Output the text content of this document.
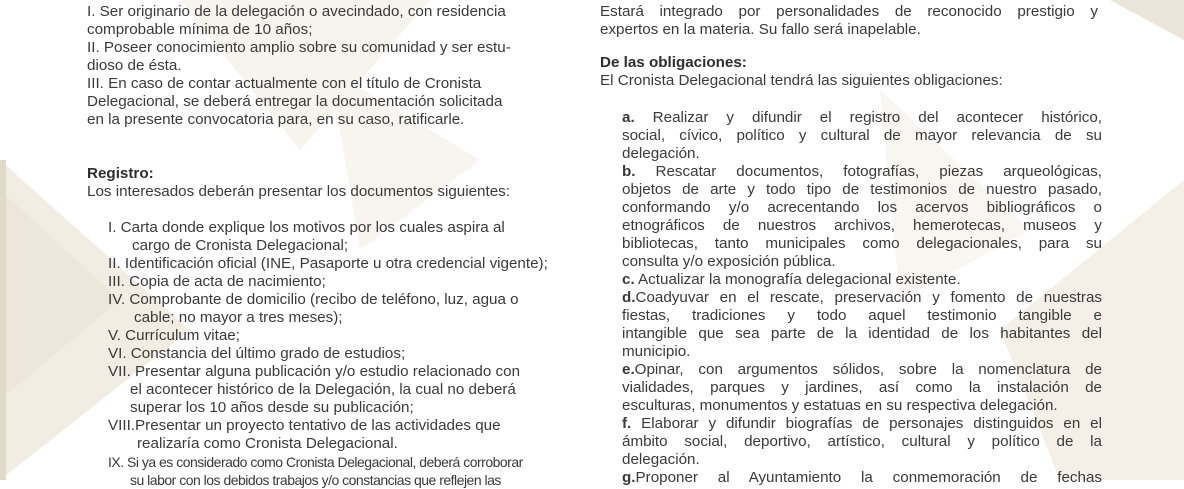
I. Ser originario de la delegación o avecindado, con residencia
comprobable mínima de 10 años;
II. Poseer conocimiento amplio sobre su comunidad y ser estu-
dioso de ésta.
III. En caso de contar actualmente con el título de Cronista
Delegacional, se deberá entregar la documentación solicitada
en la presente convocatoria para, en su caso, ratificarle.
Registro:
Los interesados deberán presentar los documentos siguientes:
I. Carta donde explique los motivos por los cuales aspira al
cargo de Cronista Delegacional;
II. Identificación oficial (INE, Pasaporte u otra credencial vigente);
III. Copia de acta de nacimiento;
IV. Comprobante de domicilio (recibo de teléfono, luz, agua o
cable; no mayor a tres meses);
V. Currículum vitae;
VI. Constancia del último grado de estudios;
VII. Presentar alguna publicación y/o estudio relacionado con
el acontecer histórico de la Delegación, la cual no deberá
superar los 10 años desde su publicación;
VIII.Presentar un proyecto tentativo de las actividades que
realizaría como Cronista Delegacional.
IX. Si ya es considerado como Cronista Delegacional, deberá corroborar
su labor con los debidos trabajos y/o constancias que reflejen las
Estará integrado por personalidades de reconocido prestigio y
expertos en la materia. Su fallo será inapelable.
De las obligaciones:
El Cronista Delegacional tendrá las siguientes obligaciones:
a. Realizar y difundir el registro del acontecer histórico,
social, cívico, político y cultural de mayor relevancia de su
delegación.
b. Rescatar documentos, fotografías, piezas arqueológicas,
objetos de arte y todo tipo de testimonios de nuestro pasado,
conformando y/o acrecentando los acervos bibliográficos o
etnográficos de nuestros archivos, hemerotecas, museos y
bibliotecas, tanto municipales como delegacionales, para su
consulta y/o exposición pública.
c. Actualizar la monografía delegacional existente.
d.Coadyuvar en el rescate, preservación y fomento de nuestras
fiestas, tradiciones y todo aquel testimonio tangible e
intangible que sea parte de la identidad de los habitantes del
municipio.
e.Opinar, con argumentos sólidos, sobre la nomenclatura de
vialidades, parques y jardines, así como la instalación de
esculturas, monumentos y estatuas en su respectiva delegación.
f. Elaborar y difundir biografías de personajes distinguidos en el
ámbito social, deportivo, artístico, cultural y político de la
delegación.
g.Proponer al Ayuntamiento la conmemoración de fechas
